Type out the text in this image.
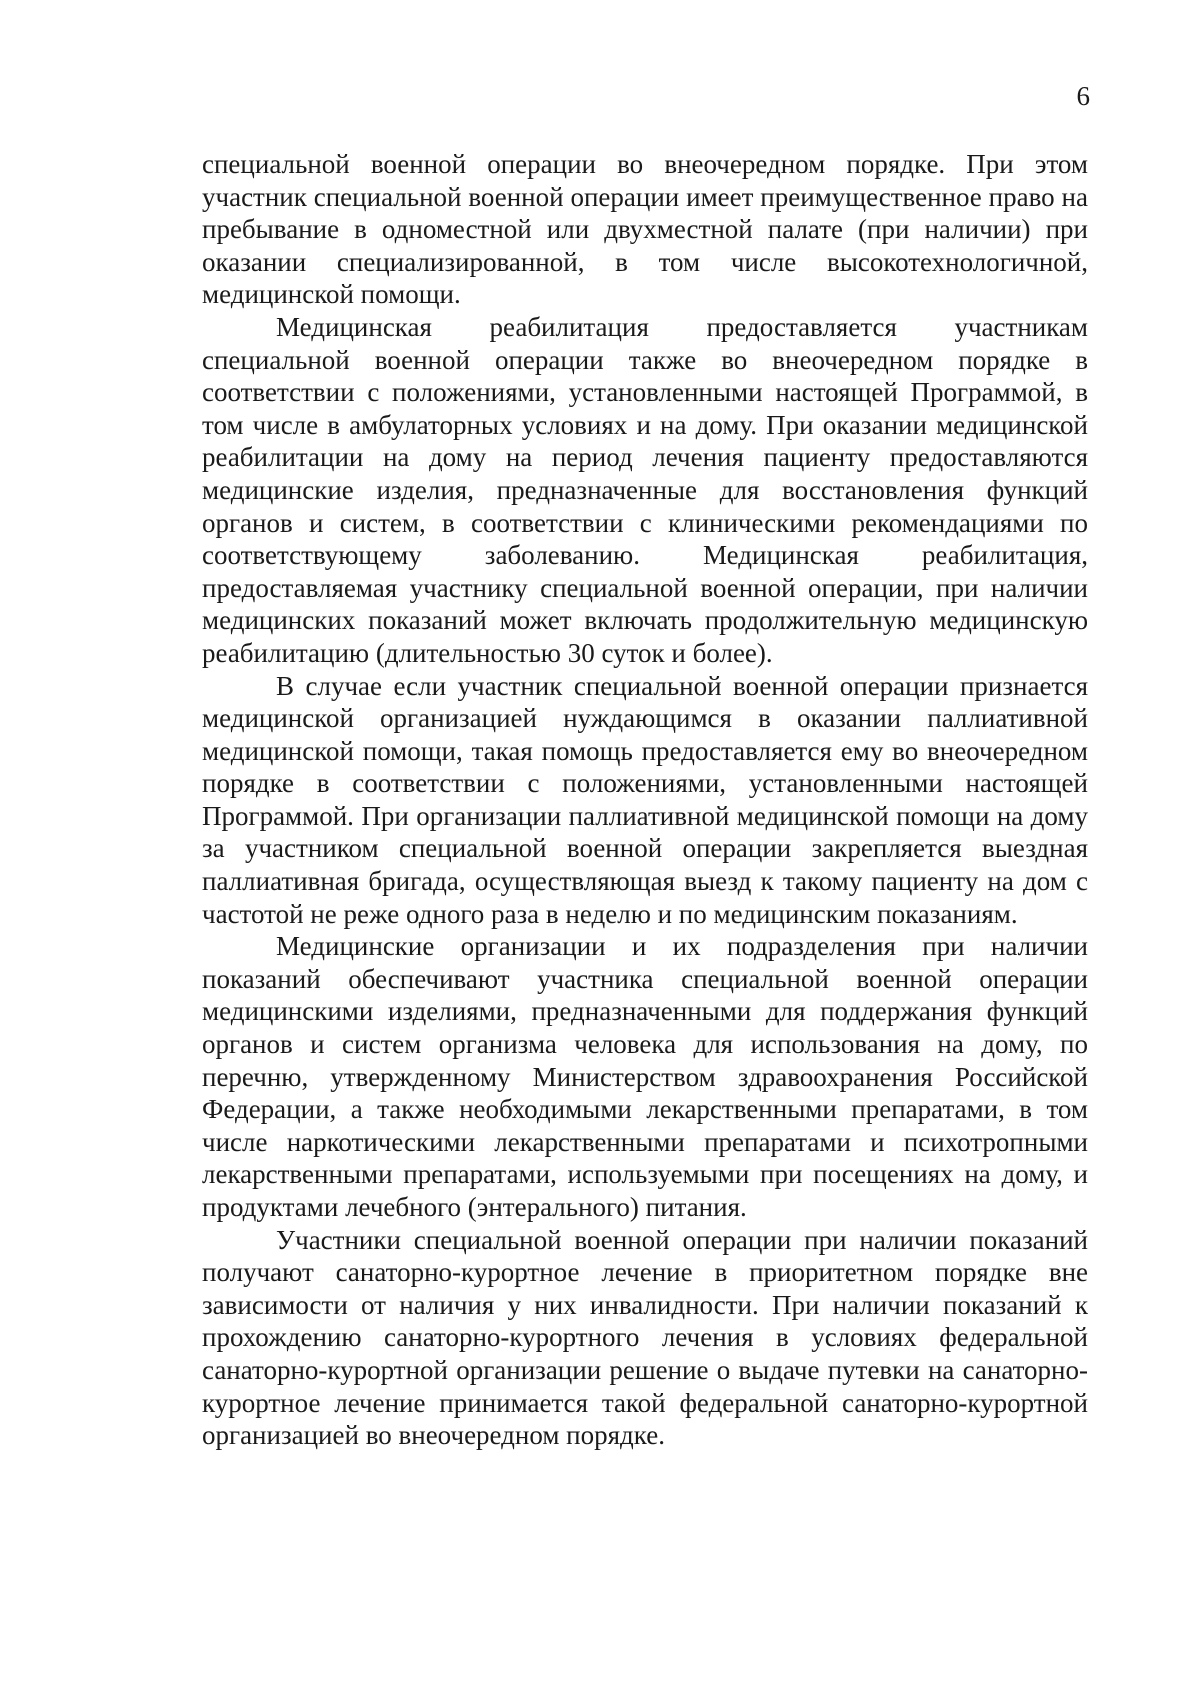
6

специальной военной операции во внеочередном порядке. При этом участник специальной военной операции имеет преимущественное право на пребывание в одноместной или двухместной палате (при наличии) при оказании специализированной, в том числе высокотехнологичной, медицинской помощи.

Медицинская реабилитация предоставляется участникам специальной военной операции также во внеочередном порядке в соответствии с положениями, установленными настоящей Программой, в том числе в амбулаторных условиях и на дому. При оказании медицинской реабилитации на дому на период лечения пациенту предоставляются медицинские изделия, предназначенные для восстановления функций органов и систем, в соответствии с клиническими рекомендациями по соответствующему заболеванию. Медицинская реабилитация, предоставляемая участнику специальной военной операции, при наличии медицинских показаний может включать продолжительную медицинскую реабилитацию (длительностью 30 суток и более).

В случае если участник специальной военной операции признается медицинской организацией нуждающимся в оказании паллиативной медицинской помощи, такая помощь предоставляется ему во внеочередном порядке в соответствии с положениями, установленными настоящей Программой. При организации паллиативной медицинской помощи на дому за участником специальной военной операции закрепляется выездная паллиативная бригада, осуществляющая выезд к такому пациенту на дом с частотой не реже одного раза в неделю и по медицинским показаниям.

Медицинские организации и их подразделения при наличии показаний обеспечивают участника специальной военной операции медицинскими изделиями, предназначенными для поддержания функций органов и систем организма человека для использования на дому, по перечню, утвержденному Министерством здравоохранения Российской Федерации, а также необходимыми лекарственными препаратами, в том числе наркотическими лекарственными препаратами и психотропными лекарственными препаратами, используемыми при посещениях на дому, и продуктами лечебного (энтерального) питания.

Участники специальной военной операции при наличии показаний получают санаторно-курортное лечение в приоритетном порядке вне зависимости от наличия у них инвалидности. При наличии показаний к прохождению санаторно-курортного лечения в условиях федеральной санаторно-курортной организации решение о выдаче путевки на санаторно-курортное лечение принимается такой федеральной санаторно-курортной организацией во внеочередном порядке.
